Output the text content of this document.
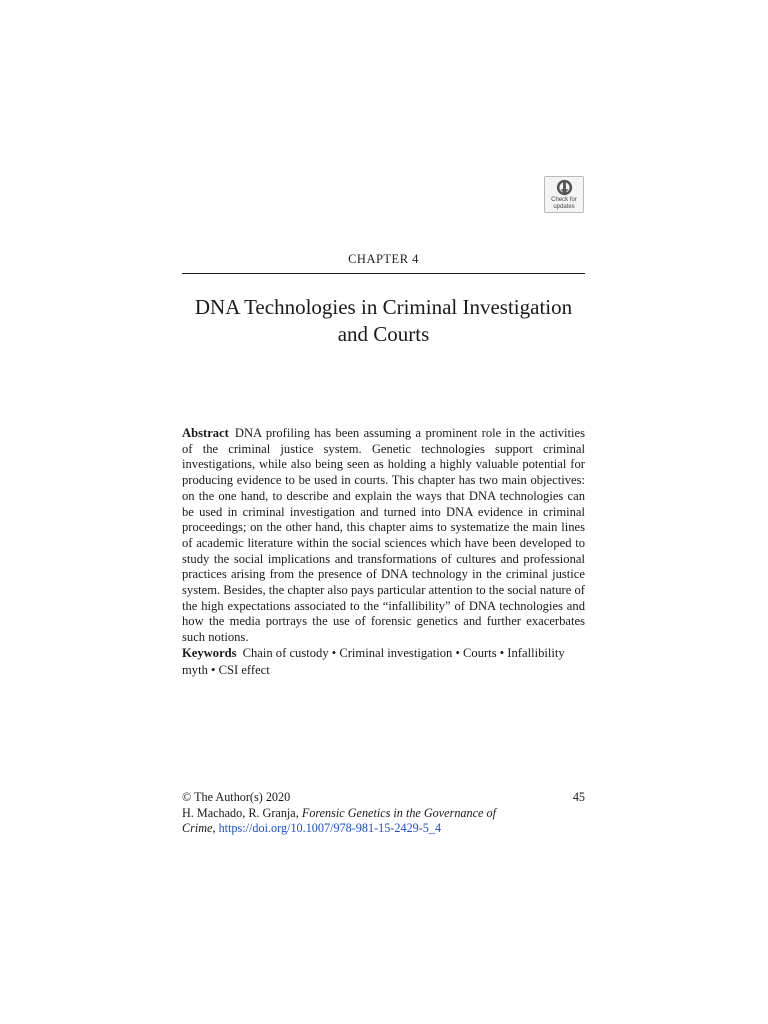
Check for
updates
CHAPTER 4
DNA Technologies in Criminal Investigation
and Courts
Abstract DNA profiling has been assuming a prominent role in the activities of the criminal justice system. Genetic technologies support criminal investigations, while also being seen as holding a highly valuable potential for producing evidence to be used in courts. This chapter has two main objectives: on the one hand, to describe and explain the ways that DNA technologies can be used in criminal investigation and turned into DNA evidence in criminal proceedings; on the other hand, this chapter aims to systematize the main lines of academic literature within the social sciences which have been developed to study the social implications and transformations of cultures and professional practices arising from the presence of DNA technology in the criminal justice system. Besides, the chapter also pays particular attention to the social nature of the high expectations associated to the “infallibility” of DNA technologies and how the media portrays the use of forensic genetics and further exacerbates such notions.
Keywords Chain of custody • Criminal investigation • Courts • Infallibility myth • CSI effect
© The Author(s) 2020	45
H. Machado, R. Granja, Forensic Genetics in the Governance of
Crime, https://doi.org/10.1007/978-981-15-2429-5_4
